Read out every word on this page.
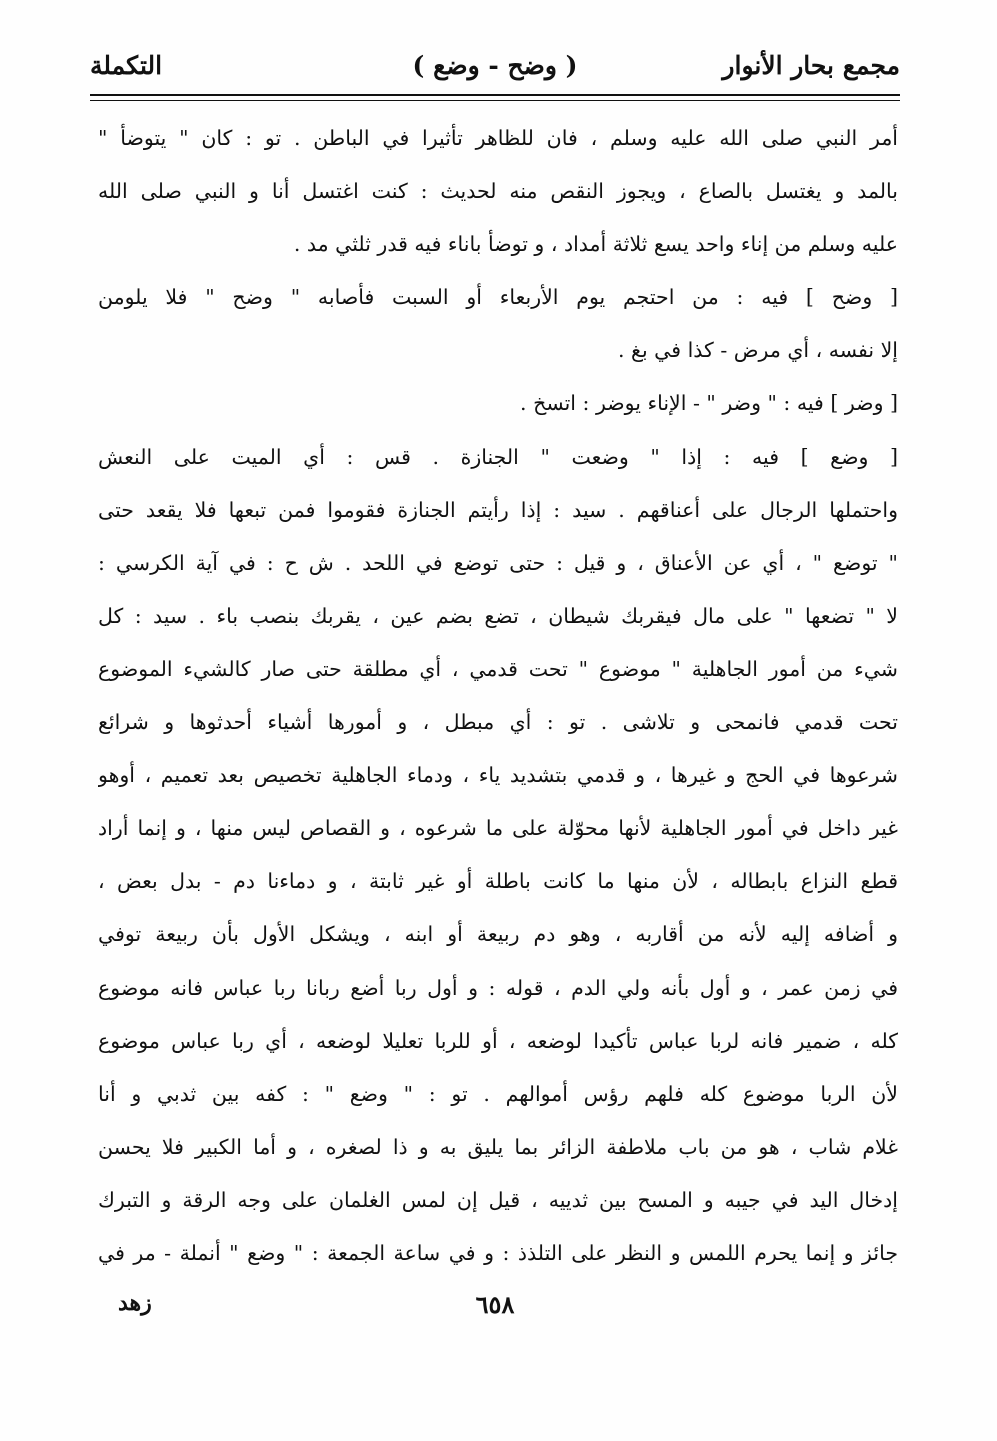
مجمع بحار الأنوار
( وضح - وضع )
التكملة
أمر النبي صلى الله عليه وسلم ، فان للظاهر تأثيرا في الباطن . تو : كان " يتوضأ "
بالمد و يغتسل بالصاع ، ويجوز النقص منه لحديث : كنت اغتسل أنا و النبي صلى الله
عليه وسلم من إناء واحد يسع ثلاثة أمداد ، و توضأ باناء فيه قدر ثلثي مد .
[ وضح ] فيه : من احتجم يوم الأربعاء أو السبت فأصابه " وضح " فلا يلومن
إلا نفسه ، أي مرض - كذا في بغ .
[ وضر ] فيه : " وضر " - الإناء يوضر : اتسخ .
[ وضع ] فيه : إذا " وضعت " الجنازة . قس : أي الميت على النعش
واحتملها الرجال على أعناقهم . سيد : إذا رأيتم الجنازة فقوموا فمن تبعها فلا يقعد حتى
" توضع " ، أي عن الأعناق ، و قيل : حتى توضع في اللحد . ش ح : في آية الكرسي :
لا " تضعها " على مال فيقربك شيطان ، تضع بضم عين ، يقربك بنصب باء . سيد : كل
شيء من أمور الجاهلية " موضوع " تحت قدمي ، أي مطلقة حتى صار كالشيء الموضوع
تحت قدمي فانمحى و تلاشى . تو : أي مبطل ، و أمورها أشياء أحدثوها و شرائع
شرعوها في الحج و غيرها ، و قدمي بتشديد ياء ، ودماء الجاهلية تخصيص بعد تعميم ، أوهو
غير داخل في أمور الجاهلية لأنها محوّلة على ما شرعوه ، و القصاص ليس منها ، و إنما أراد
قطع النزاع بابطاله ، لأن منها ما كانت باطلة أو غير ثابتة ، و دماءنا دم - بدل بعض ،
و أضافه إليه لأنه من أقاربه ، وهو دم ربيعة أو ابنه ، ويشكل الأول بأن ربيعة توفي
في زمن عمر ، و أول بأنه ولي الدم ، قوله : و أول ربا أضع ربانا ربا عباس فانه موضوع
كله ، ضمير فانه لربا عباس تأكيدا لوضعه ، أو للربا تعليلا لوضعه ، أي ربا عباس موضوع
لأن الربا موضوع كله فلهم رؤس أموالهم . تو : " وضع " : كفه بين ثدبي و أنا
غلام شاب ، هو من باب ملاطفة الزائر بما يليق به و ذا لصغره ، و أما الكبير فلا يحسن
إدخال اليد في جيبه و المسح بين ثدييه ، قيل إن لمس الغلمان على وجه الرقة و التبرك
جائز و إنما يحرم اللمس و النظر على التلذذ : و في ساعة الجمعة : " وضع " أنملة - مر في
٦٥٨
زهد
